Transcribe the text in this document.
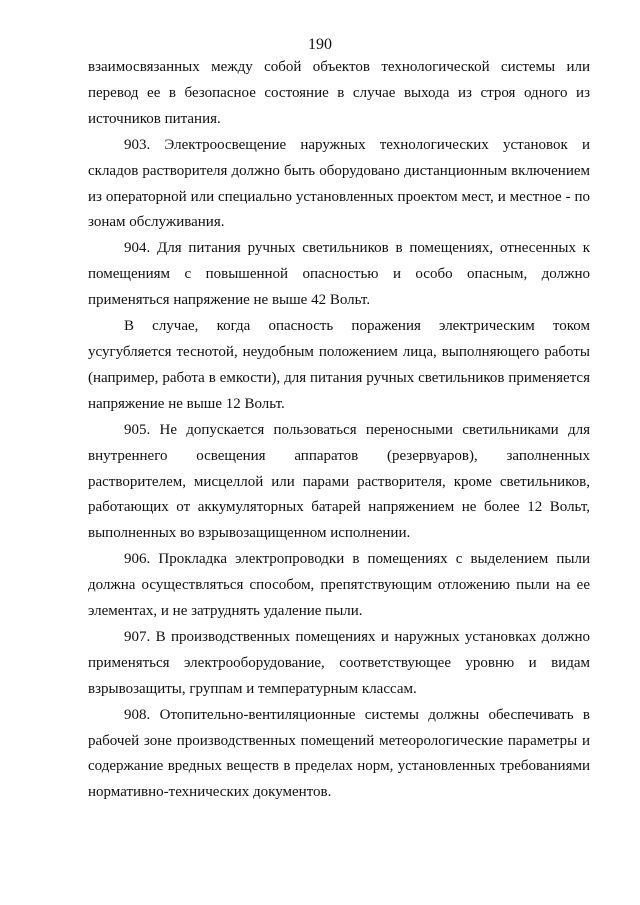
190

взаимосвязанных между собой объектов технологической системы или перевод ее в безопасное состояние в случае выхода из строя одного из источников питания.

903. Электроосвещение наружных технологических установок и складов растворителя должно быть оборудовано дистанционным включением из операторной или специально установленных проектом мест, и местное - по зонам обслуживания.

904. Для питания ручных светильников в помещениях, отнесенных к помещениям с повышенной опасностью и особо опасным, должно применяться напряжение не выше 42 Вольт.

В случае, когда опасность поражения электрическим током усугубляется теснотой, неудобным положением лица, выполняющего работы (например, работа в емкости), для питания ручных светильников применяется напряжение не выше 12 Вольт.

905. Не допускается пользоваться переносными светильниками для внутреннего освещения аппаратов (резервуаров), заполненных растворителем, мисцеллой или парами растворителя, кроме светильников, работающих от аккумуляторных батарей напряжением не более 12 Вольт, выполненных во взрывозащищенном исполнении.

906. Прокладка электропроводки в помещениях с выделением пыли должна осуществляться способом, препятствующим отложению пыли на ее элементах, и не затруднять удаление пыли.

907. В производственных помещениях и наружных установках должно применяться электрооборудование, соответствующее уровню и видам взрывозащиты, группам и температурным классам.

908. Отопительно-вентиляционные системы должны обеспечивать в рабочей зоне производственных помещений метеорологические параметры и содержание вредных веществ в пределах норм, установленных требованиями нормативно-технических документов.
